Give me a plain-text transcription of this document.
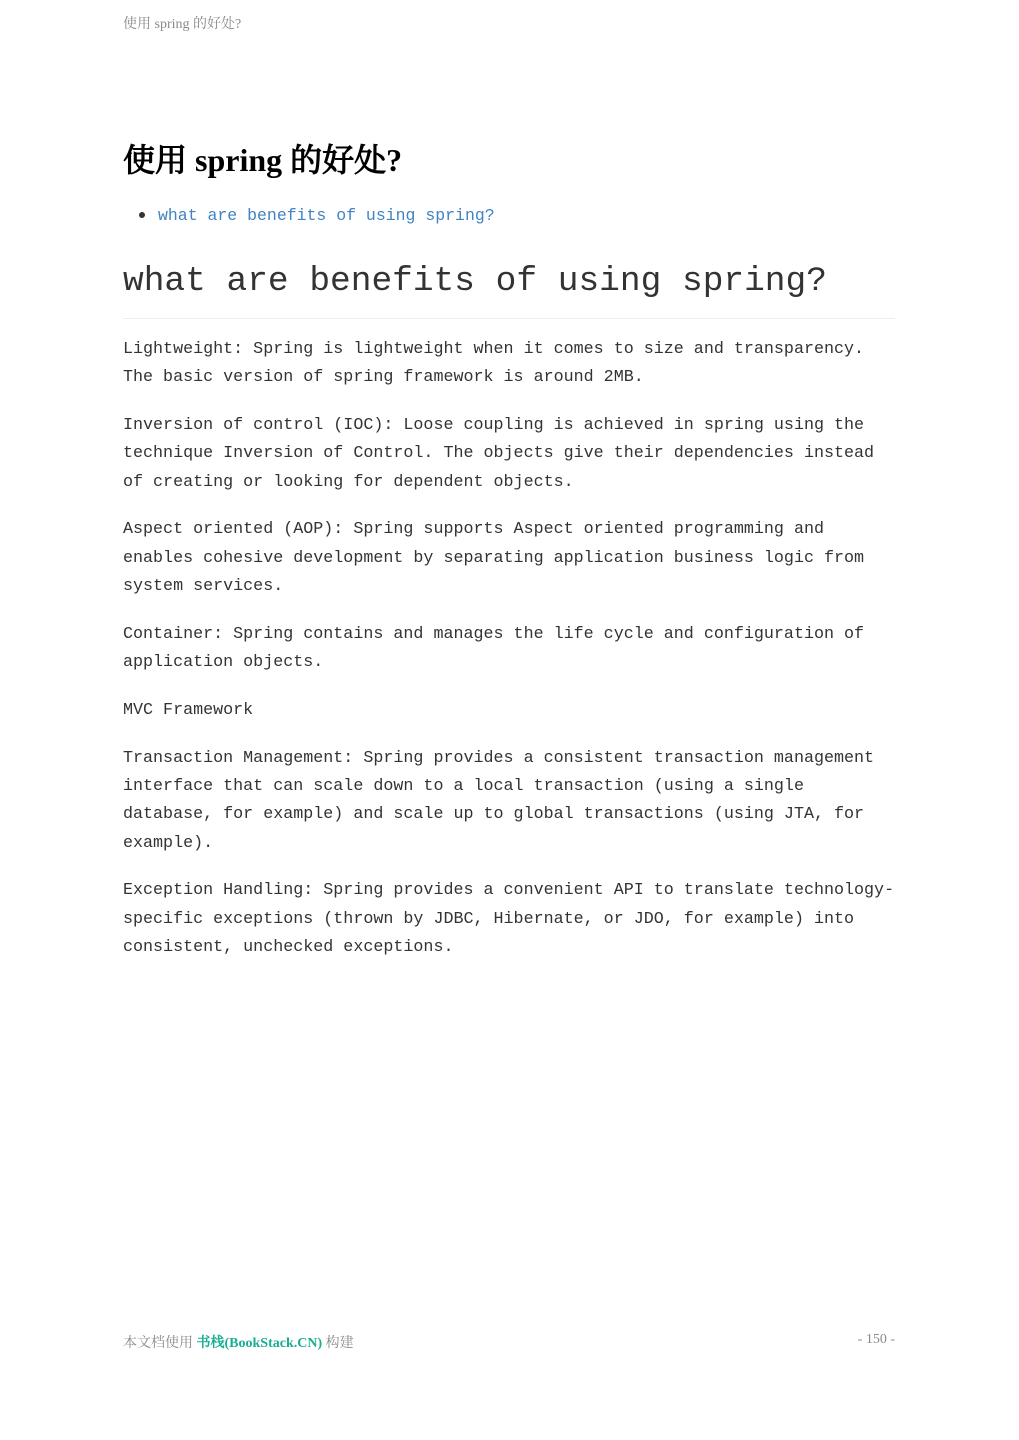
使用 spring 的好处?
使用 spring 的好处?
what are benefits of using spring?
what are benefits of using spring?

Lightweight: Spring is lightweight when it comes to size and transparency. The basic version of spring framework is around 2MB.

Inversion of control (IOC): Loose coupling is achieved in spring using the technique Inversion of Control. The objects give their dependencies instead of creating or looking for dependent objects.

Aspect oriented (AOP): Spring supports Aspect oriented programming and enables cohesive development by separating application business logic from system services.

Container: Spring contains and manages the life cycle and configuration of application objects.

MVC Framework

Transaction Management: Spring provides a consistent transaction management interface that can scale down to a local transaction (using a single database, for example) and scale up to global transactions (using JTA, for example).

Exception Handling: Spring provides a convenient API to translate technology-specific exceptions (thrown by JDBC, Hibernate, or JDO, for example) into consistent, unchecked exceptions.

本文档使用 书栈(BookStack.CN) 构建	- 150 -
